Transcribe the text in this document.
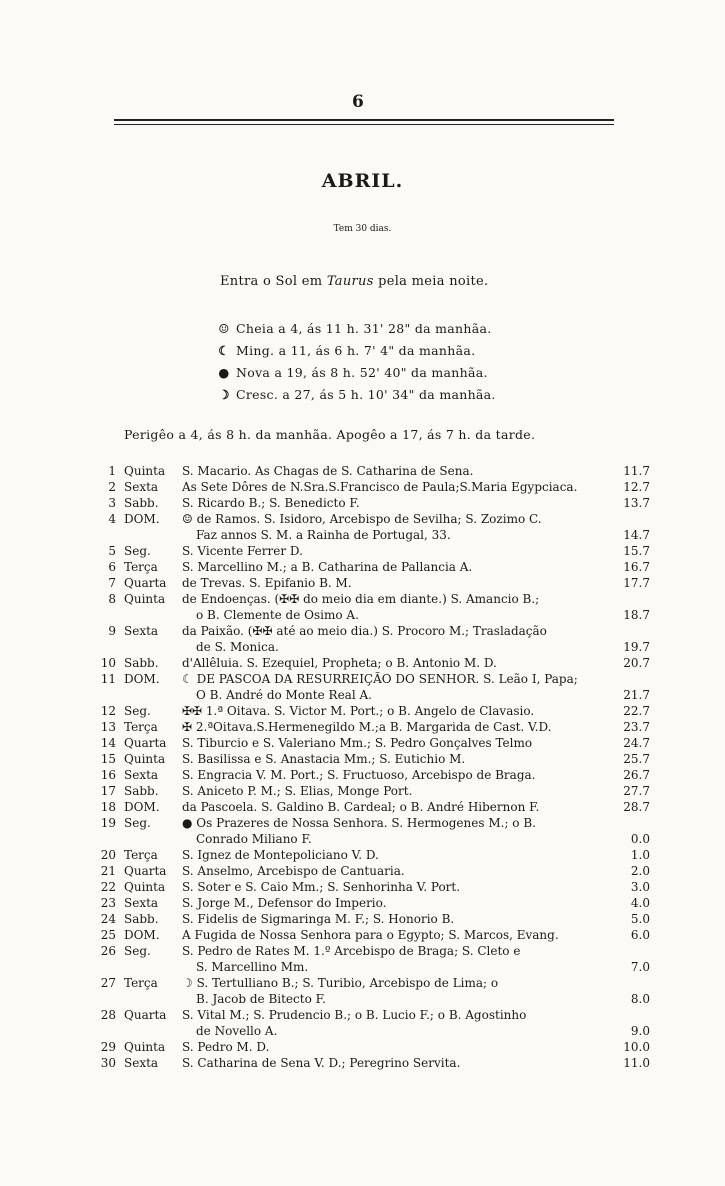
6
ABRIL.
Tem 30 dias.
Entra o Sol em Taurus pela meia noite.
☺ Cheia a 4, ás 11 h. 31' 28" da manhãa.
☾ Ming. a 11, ás 6 h. 7' 4" da manhãa.
● Nova a 19, ás 8 h. 52' 40" da manhãa.
☽ Cresc. a 27, ás 5 h. 10' 34" da manhãa.
Perigêo a 4, ás 8 h. da manhãa. Apogêo a 17, ás 7 h. da tarde.
1 Quinta	S. Macario. As Chagas de S. Catharina de Sena.	11.7
2 Sexta	As Sete Dôres de N.Sra.S.Francisco de Paula;S.Maria Egypciaca.	12.7
3 Sabb.	S. Ricardo B.; S. Benedicto F.	13.7
4 DOM.	☺ de Ramos. S. Isidoro, Arcebispo de Sevilha; S. Zozimo C.
Faz annos S. M. a Rainha de Portugal, 33.	14.7
5 Seg.	S. Vicente Ferrer D.	15.7
6 Terça	S. Marcellino M.; a B. Catharina de Pallancia A.	16.7
7 Quarta	de Trevas. S. Epifanio B. M.	17.7
8 Quinta	de Endoenças. (✠✠ do meio dia em diante.) S. Amancio B.;
o B. Clemente de Osimo A.	18.7
9 Sexta	da Paixão. (✠✠ até ao meio dia.) S. Procoro M.; Trasladação
de S. Monica.	19.7
10 Sabb.	d'Allêluia. S. Ezequiel, Propheta; o B. Antonio M. D.	20.7
11 DOM.	☾ DE PASCOA DA RESURREIÇÃO DO SENHOR. S. Leão I, Papa;
O B. André do Monte Real A.	21.7
12 Seg.	✠✠ 1.ª Oitava. S. Victor M. Port.; o B. Angelo de Clavasio.	22.7
13 Terça	✠ 2.ªOitava.S.Hermenegildo M.;a B. Margarida de Cast. V.D.	23.7
14 Quarta	S. Tiburcio e S. Valeriano Mm.; S. Pedro Gonçalves Telmo	24.7
15 Quinta	S. Basilissa e S. Anastacia Mm.; S. Eutichio M.	25.7
16 Sexta	S. Engracia V. M. Port.; S. Fructuoso, Arcebispo de Braga.	26.7
17 Sabb.	S. Aniceto P. M.; S. Elias, Monge Port.	27.7
18 DOM.	da Pascoela. S. Galdino B. Cardeal; o B. André Hibernon F.	28.7
19 Seg.	● Os Prazeres de Nossa Senhora. S. Hermogenes M.; o B.
Conrado Miliano F.	0.0
20 Terça	S. Ignez de Montepoliciano V. D.	1.0
21 Quarta	S. Anselmo, Arcebispo de Cantuaria.	2.0
22 Quinta	S. Soter e S. Caio Mm.; S. Senhorinha V. Port.	3.0
23 Sexta	S. Jorge M., Defensor do Imperio.	4.0
24 Sabb.	S. Fidelis de Sigmaringa M. F.; S. Honorio B.	5.0
25 DOM.	A Fugida de Nossa Senhora para o Egypto; S. Marcos, Evang.	6.0
26 Seg.	S. Pedro de Rates M. 1.º Arcebispo de Braga; S. Cleto e
S. Marcellino Mm.	7.0
27 Terça	☽ S. Tertulliano B.; S. Turibio, Arcebispo de Lima; o
B. Jacob de Bitecto F.	8.0
28 Quarta	S. Vital M.; S. Prudencio B.; o B. Lucio F.; o B. Agostinho
de Novello A.	9.0
29 Quinta	S. Pedro M. D.	10.0
30 Sexta	S. Catharina de Sena V. D.; Peregrino Servita.	11.0
